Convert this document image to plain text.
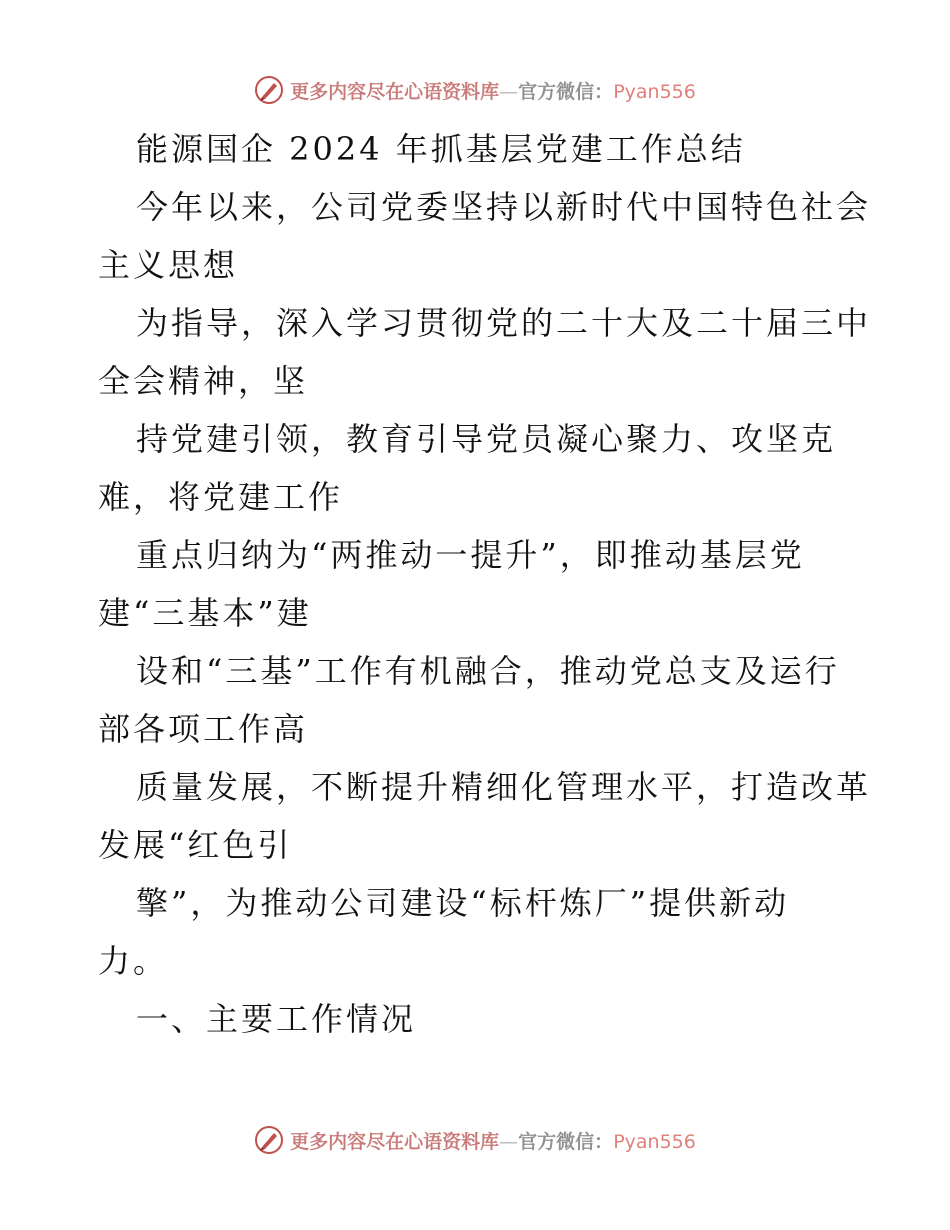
更多内容尽在心语资料库—官方微信：Pyan556
能源国企 2024 年抓基层党建工作总结
今年以来，公司党委坚持以新时代中国特色社会
主义思想
为指导，深入学习贯彻党的二十大及二十届三中
全会精神，坚
持党建引领，教育引导党员凝心聚力、攻坚克
难，将党建工作
重点归纳为“两推动一提升”，即推动基层党
建“三基本”建
设和“三基”工作有机融合，推动党总支及运行
部各项工作高
质量发展，不断提升精细化管理水平，打造改革
发展“红色引
擎”，为推动公司建设“标杆炼厂”提供新动
力。
一、主要工作情况
更多内容尽在心语资料库—官方微信：Pyan556
